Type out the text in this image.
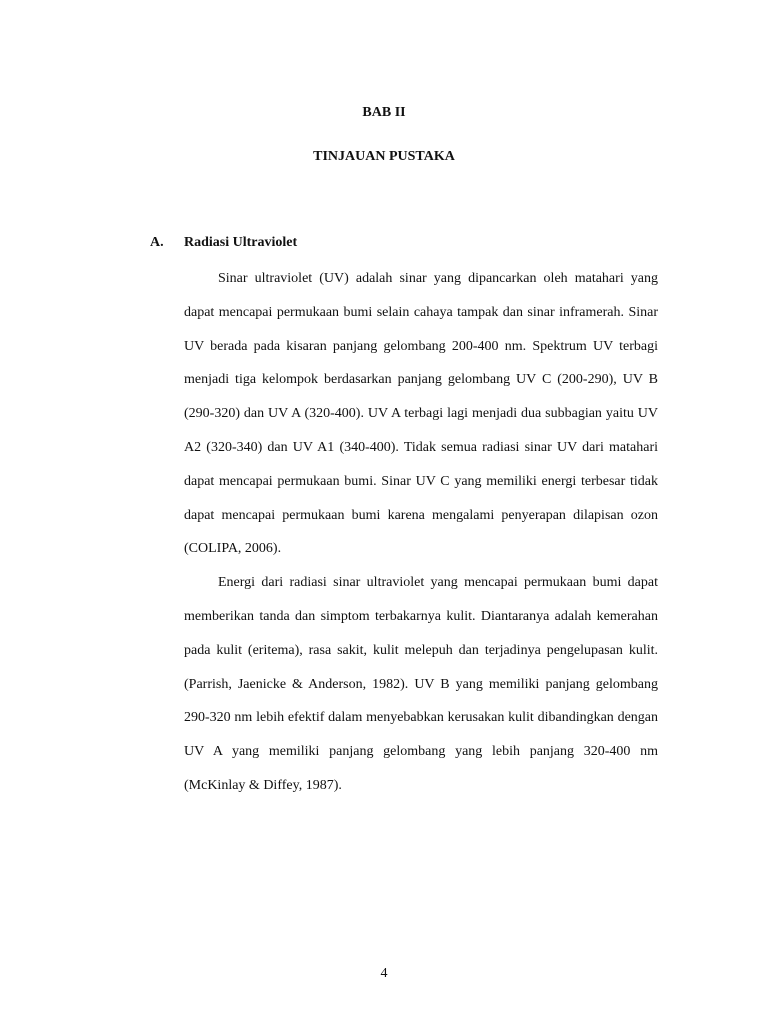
BAB II
TINJAUAN PUSTAKA
A. Radiasi Ultraviolet

Sinar ultraviolet (UV) adalah sinar yang dipancarkan oleh matahari yang dapat mencapai permukaan bumi selain cahaya tampak dan sinar inframerah. Sinar UV berada pada kisaran panjang gelombang 200-400 nm. Spektrum UV terbagi menjadi tiga kelompok berdasarkan panjang gelombang UV C (200-290), UV B (290-320) dan UV A (320-400). UV A terbagi lagi menjadi dua subbagian yaitu UV A2 (320-340) dan UV A1 (340-400). Tidak semua radiasi sinar UV dari matahari dapat mencapai permukaan bumi. Sinar UV C yang memiliki energi terbesar tidak dapat mencapai permukaan bumi karena mengalami penyerapan dilapisan ozon (COLIPA, 2006).

Energi dari radiasi sinar ultraviolet yang mencapai permukaan bumi dapat memberikan tanda dan simptom terbakarnya kulit. Diantaranya adalah kemerahan pada kulit (eritema), rasa sakit, kulit melepuh dan terjadinya pengelupasan kulit. (Parrish, Jaenicke & Anderson, 1982). UV B yang memiliki panjang gelombang 290-320 nm lebih efektif dalam menyebabkan kerusakan kulit dibandingkan dengan UV A yang memiliki panjang gelombang yang lebih panjang 320-400 nm (McKinlay & Diffey, 1987).

4
